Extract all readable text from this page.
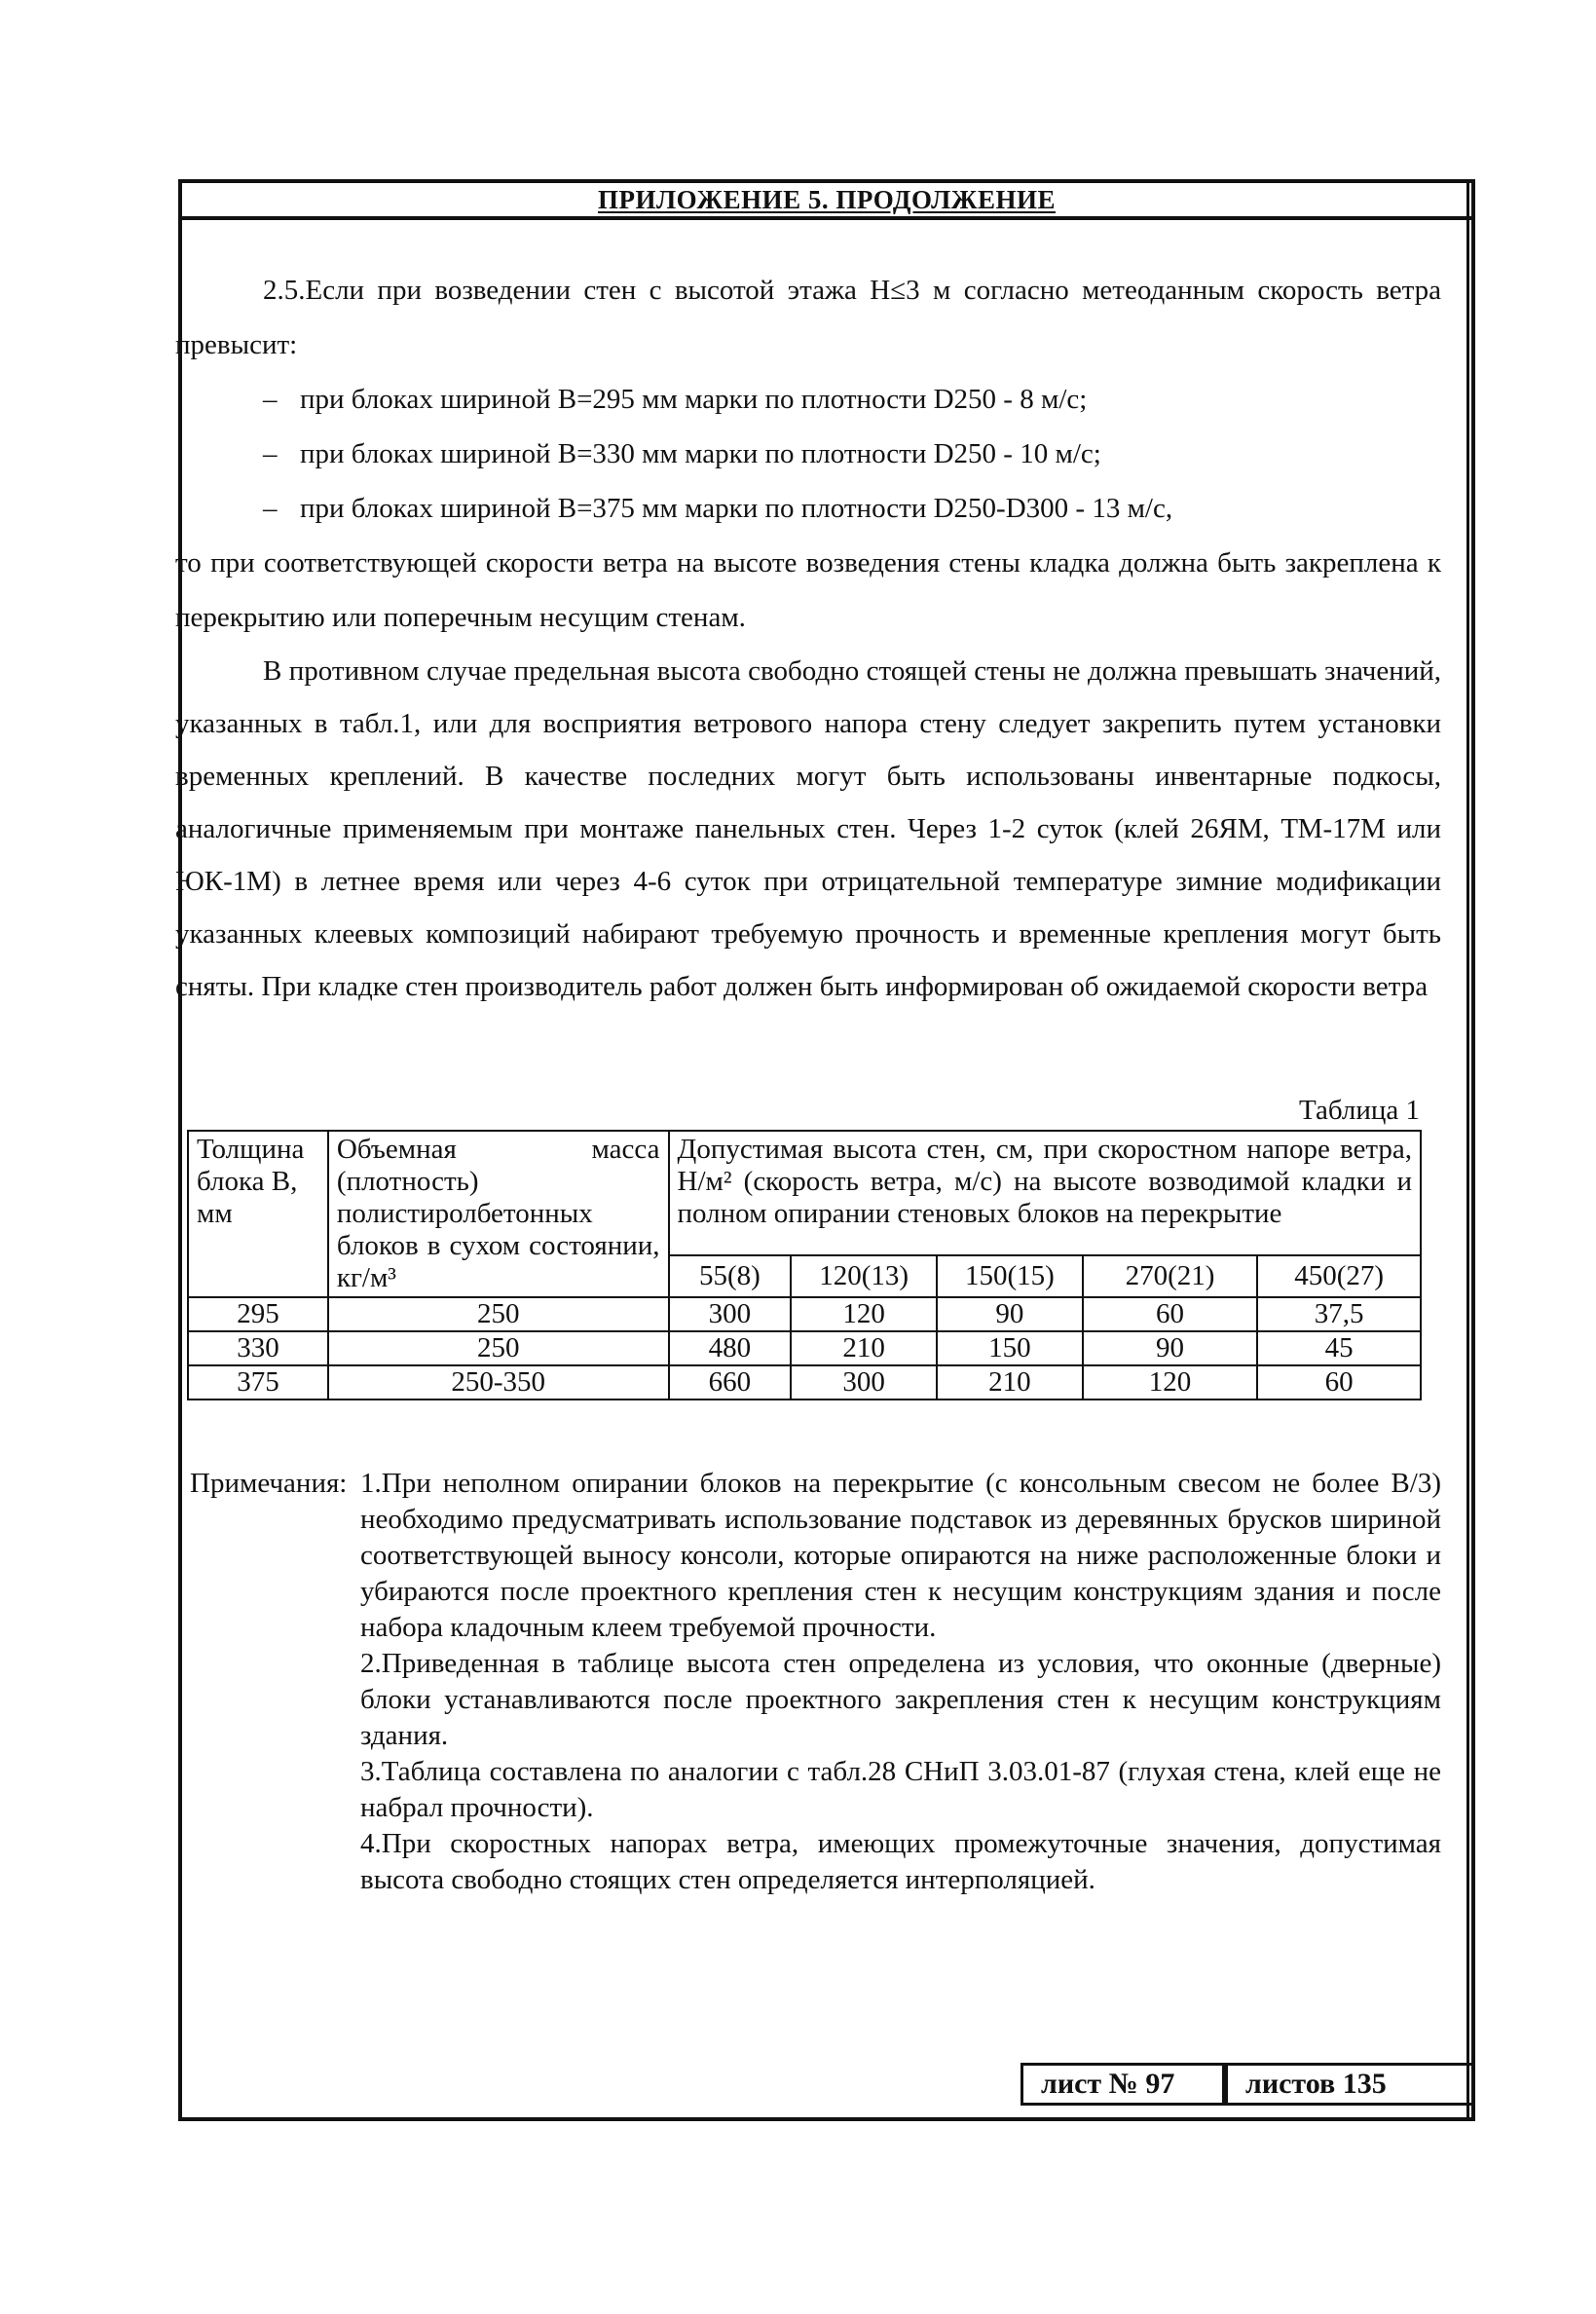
ПРИЛОЖЕНИЕ 5. ПРОДОЛЖЕНИЕ

2.5.Если при возведении стен с высотой этажа H≤3 м согласно метеоданным скорость ветра превысит:

– при блоках шириной В=295 мм марки по плотности D250 - 8 м/с;

– при блоках шириной В=330 мм марки по плотности D250 - 10 м/с;

– при блоках шириной В=375 мм марки по плотности D250-D300 - 13 м/с,

то при соответствующей скорости ветра на высоте возведения стены кладка должна быть закреплена к перекрытию или поперечным несущим стенам.

В противном случае предельная высота свободно стоящей стены не должна превышать значений, указанных в табл.1, или для восприятия ветрового напора стену следует закрепить путем установки временных креплений. В качестве последних могут быть использованы инвентарные подкосы, аналогичные применяемым при монтаже панельных стен. Через 1-2 суток (клей 26ЯМ, ТМ-17М или ЮК-1М) в летнее время или через 4-6 суток при отрицательной температуре зимние модификации указанных клеевых композиций набирают требуемую прочность и временные крепления могут быть сняты. При кладке стен производитель работ должен быть информирован об ожидаемой скорости ветра

Таблица 1
Толщина блока В, мм	Объемная масса (плотность) полистиролбетонных блоков в сухом состоянии, кг/м³	Допустимая высота стен, см, при скоростном напоре ветра, Н/м² (скорость ветра, м/с) на высоте возводимой кладки и полном опирании стеновых блоков на перекрытие				
		55(8)	120(13)	150(15)	270(21)	450(27)
295	250	300	120	90	60	37,5
330	250	480	210	150	90	45
375	250-350	660	300	210	120	60
Примечания: 1.При неполном опирании блоков на перекрытие (с консольным свесом не более В/3) необходимо предусматривать использование подставок из деревянных брусков шириной соответствующей выносу консоли, которые опираются на ниже расположенные блоки и убираются после проектного крепления стен к несущим конструкциям здания и после набора кладочным клеем требуемой прочности.
2.Приведенная в таблице высота стен определена из условия, что оконные (дверные) блоки устанавливаются после проектного закрепления стен к несущим конструкциям здания.
3.Таблица составлена по аналогии с табл.28 СНиП 3.03.01-87 (глухая стена, клей еще не набрал прочности).
4.При скоростных напорах ветра, имеющих промежуточные значения, допустимая высота свободно стоящих стен определяется интерполяцией.
лист № 97	листов 135
